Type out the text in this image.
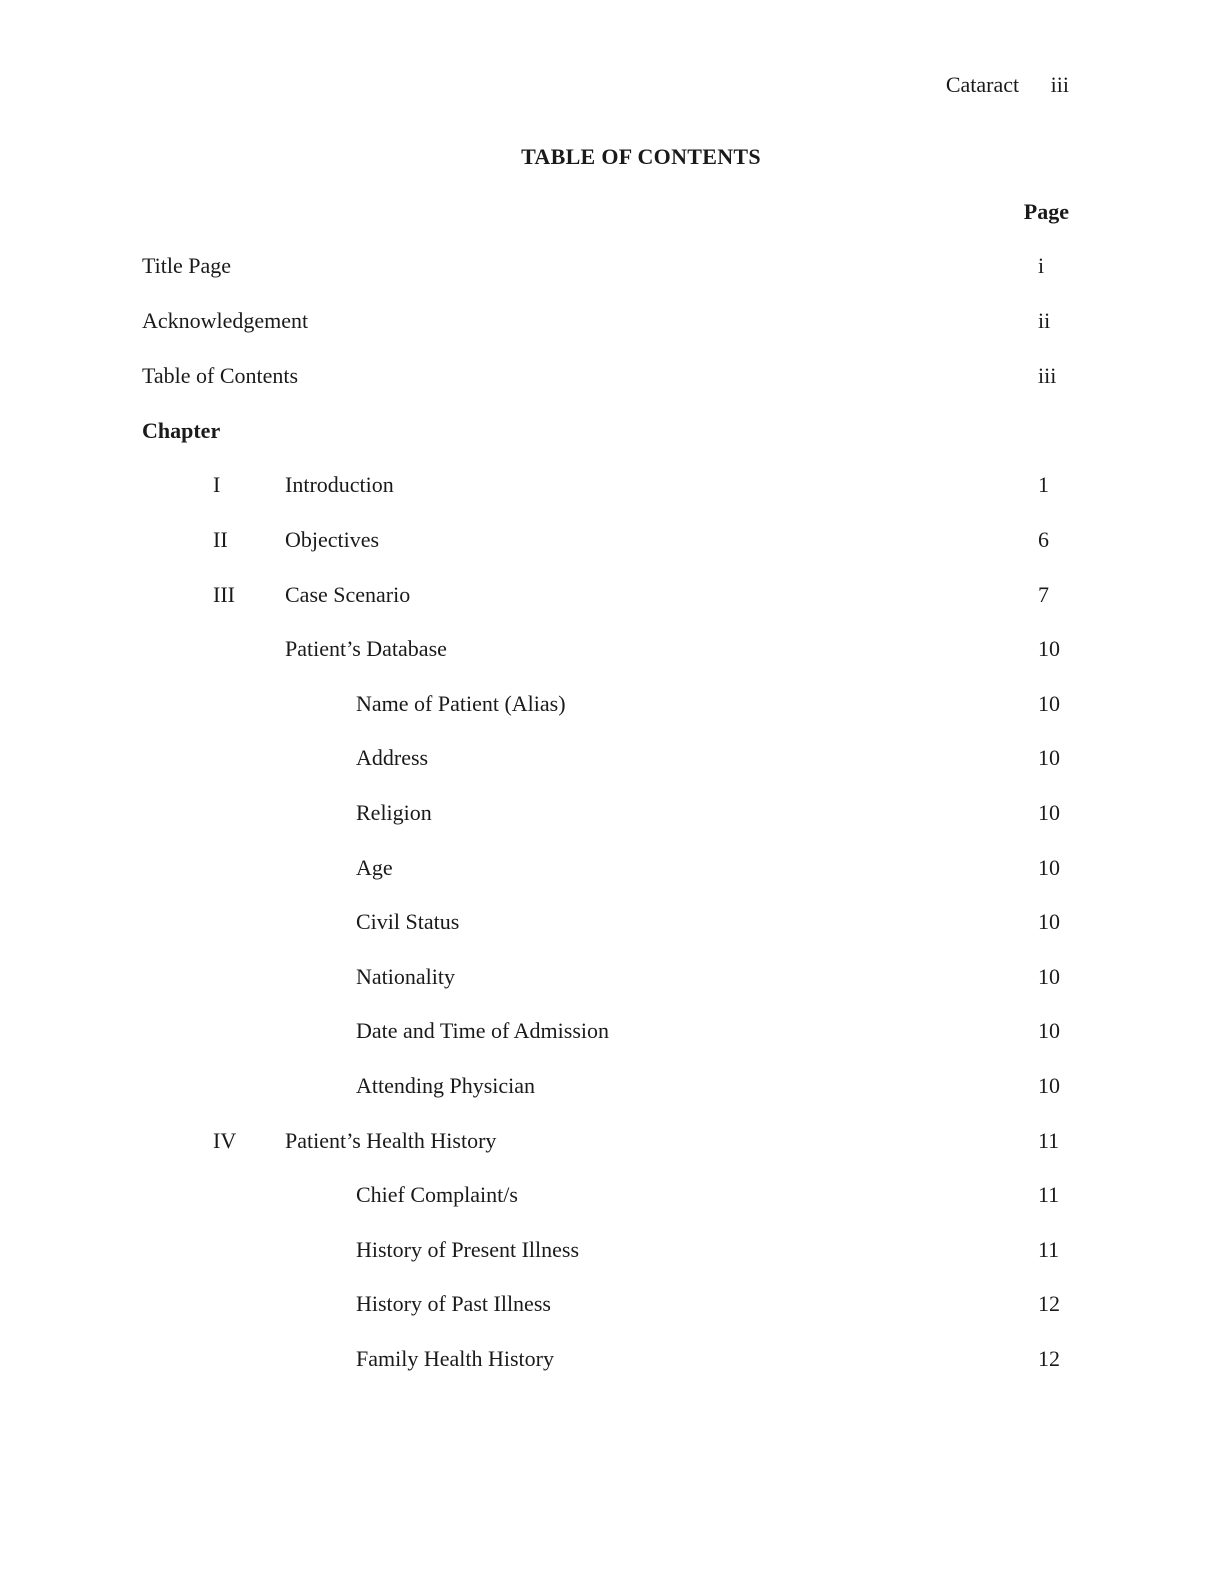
Cataract iii
TABLE OF CONTENTS
Page
Title Page	i
Acknowledgement	ii
Table of Contents	iii
Chapter
I	Introduction	1
II	Objectives	6
III Case Scenario	7
Patient’s Database	10
Name of Patient (Alias)	10
Address	10
Religion	10
Age	10
Civil Status	10
Nationality	10
Date and Time of Admission	10
Attending Physician	10
IV Patient’s Health History	11
Chief Complaint/s	11
History of Present Illness	11
History of Past Illness	12
Family Health History	12
